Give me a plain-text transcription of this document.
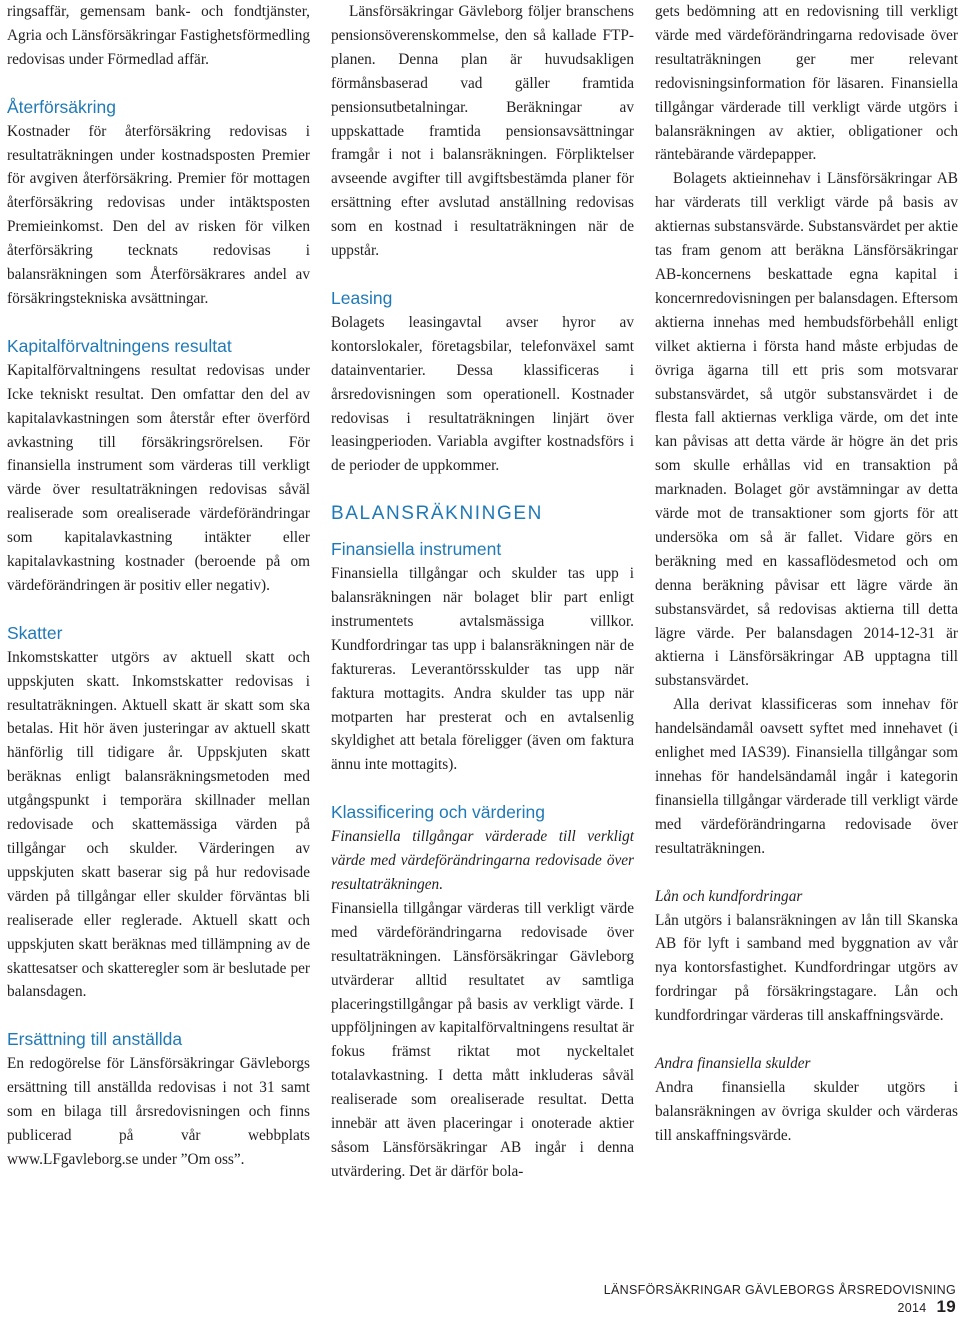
ringsaffär, gemensam bank- och fondtjänster, Agria och Länsförsäkringar Fastighetsförmedling redovisas under Förmedlad affär.

Återförsäkring

Kostnader för återförsäkring redovisas i resultaträkningen under kostnadsposten Premier för avgiven återförsäkring. Premier för mottagen återförsäkring redovisas under intäktsposten Premieinkomst. Den del av risken för vilken återförsäkring tecknats redovisas i balansräkningen som Återförsäkrares andel av försäkringstekniska avsättningar.

Kapitalförvaltningens resultat

Kapitalförvaltningens resultat redovisas under Icke tekniskt resultat. Den omfattar den del av kapitalavkastningen som återstår efter överförd avkastning till försäkringsrörelsen. För finansiella instrument som värderas till verkligt värde över resultaträkningen redovisas såväl realiserade som orealiserade värdeförändringar som kapitalavkastning intäkter eller kapitalavkastning kostnader (beroende på om värdeförändringen är positiv eller negativ).

Skatter

Inkomstskatter utgörs av aktuell skatt och uppskjuten skatt. Inkomstskatter redovisas i resultaträkningen. Aktuell skatt är skatt som ska betalas. Hit hör även justeringar av aktuell skatt hänförlig till tidigare år. Uppskjuten skatt beräknas enligt balansräkningsmetoden med utgångspunkt i temporära skillnader mellan redovisade och skattemässiga värden på tillgångar och skulder. Värderingen av uppskjuten skatt baserar sig på hur redovisade värden på tillgångar eller skulder förväntas bli realiserade eller reglerade. Aktuell skatt och uppskjuten skatt beräknas med tillämpning av de skattesatser och skatteregler som är beslutade per balansdagen.

Ersättning till anställda

En redogörelse för Länsförsäkringar Gävleborgs ersättning till anställda redovisas i not 31 samt som en bilaga till årsredovisningen och finns publicerad på vår webbplats www.LFgavleborg.se under ”Om oss”.

Länsförsäkringar Gävleborg följer branschens pensionsöverenskommelse, den så kallade FTP-planen. Denna plan är huvudsakligen förmånsbaserad vad gäller framtida pensionsutbetalningar. Beräkningar av uppskattade framtida pensionsavsättningar framgår i not i balansräkningen. Förpliktelser avseende avgifter till avgiftsbestämda planer för ersättning efter avslutad anställning redovisas som en kostnad i resultaträkningen när de uppstår.

Leasing

Bolagets leasingavtal avser hyror av kontorslokaler, företagsbilar, telefonväxel samt datainventarier. Dessa klassificeras i årsredovisningen som operationell. Kostnader redovisas i resultaträkningen linjärt över leasingperioden. Variabla avgifter kostnadsförs i de perioder de uppkommer.

BALANSRÄKNINGEN
Finansiella instrument

Finansiella tillgångar och skulder tas upp i balansräkningen när bolaget blir part enligt instrumentets avtalsmässiga villkor. Kundfordringar tas upp i balansräkningen när de faktureras. Leverantörsskulder tas upp när faktura mottagits. Andra skulder tas upp när motparten har presterat och en avtalsenlig skyldighet att betala föreligger (även om faktura ännu inte mottagits).

Klassificering och värdering

Finansiella tillgångar värderade till verkligt värde med värdeförändringarna redovisade över resultaträkningen.

Finansiella tillgångar värderas till verkligt värde med värdeförändringarna redovisade över resultaträkningen. Länsförsäkringar Gävleborg utvärderar alltid resultatet av samtliga placeringstillgångar på basis av verkligt värde. I uppföljningen av kapitalförvaltningens resultat är fokus främst riktat mot nyckeltalet totalavkastning. I detta mått inkluderas såväl realiserade som orealiserade resultat. Detta innebär att även placeringar i onoterade aktier såsom Länsförsäkringar AB ingår i denna utvärdering. Det är därför bola-

gets bedömning att en redovisning till verkligt värde med värdeförändringarna redovisade över resultaträkningen ger mer relevant redovisningsinformation för läsaren. Finansiella tillgångar värderade till verkligt värde utgörs i balansräkningen av aktier, obligationer och räntebärande värdepapper.

Bolagets aktieinnehav i Länsförsäkringar AB har värderats till verkligt värde på basis av aktiernas substansvärde. Substansvärdet per aktie tas fram genom att beräkna Länsförsäkringar AB-koncernens beskattade egna kapital i koncernredovisningen per balansdagen. Eftersom aktierna innehas med hembudsförbehåll enligt vilket aktierna i första hand måste erbjudas de övriga ägarna till ett pris som motsvarar substansvärdet, så utgör substansvärdet i de flesta fall aktiernas verkliga värde, om det inte kan påvisas att detta värde är högre än det pris som skulle erhållas vid en transaktion på marknaden. Bolaget gör avstämningar av detta värde mot de transaktioner som gjorts för att undersöka om så är fallet. Vidare görs en beräkning med en kassaflödesmetod och om denna beräkning påvisar ett lägre värde än substansvärdet, så redovisas aktierna till detta lägre värde. Per balansdagen 2014-12-31 är aktierna i Länsförsäkringar AB upptagna till substansvärdet.

Alla derivat klassificeras som innehav för handelsändamål oavsett syftet med innehavet (i enlighet med IAS39). Finansiella tillgångar som innehas för handelsändamål ingår i kategorin finansiella tillgångar värderade till verkligt värde med värdeförändringarna redovisade över resultaträkningen.

Lån och kundfordringar

Lån utgörs i balansräkningen av lån till Skanska AB för lyft i samband med byggnation av vår nya kontorsfastighet. Kundfordringar utgörs av fordringar på försäkringstagare. Lån och kundfordringar värderas till anskaffningsvärde.

Andra finansiella skulder

Andra finansiella skulder utgörs i balansräkningen av övriga skulder och värderas till anskaffningsvärde.

LÄNSFÖRSÄKRINGAR GÄVLEBORGS ÅRSREDOVISNING 2014 19
